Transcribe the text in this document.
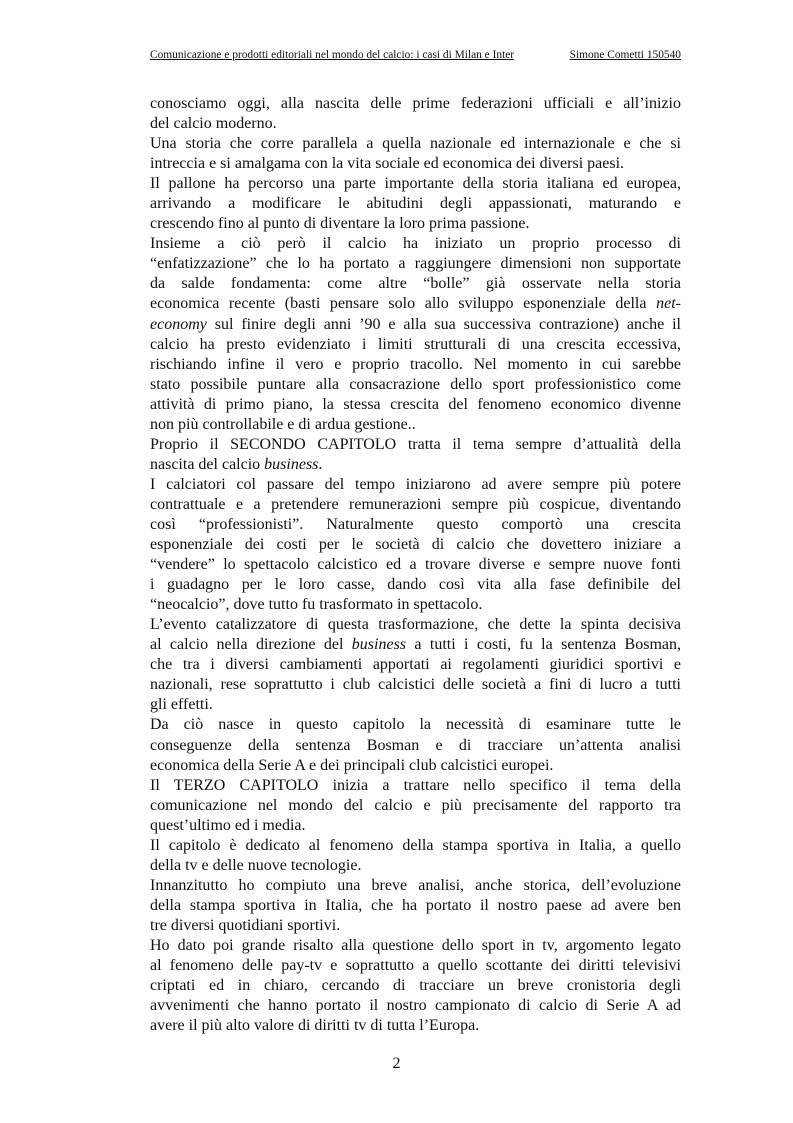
Comunicazione e prodotti editoriali nel mondo del calcio: i casi di Milan e Inter	Simone Cometti 150540

conosciamo oggi, alla nascita delle prime federazioni ufficiali e all’inizio

del calcio moderno.

Una storia che corre parallela a quella nazionale ed internazionale e che si

intreccia e si amalgama con la vita sociale ed economica dei diversi paesi.

Il pallone ha percorso una parte importante della storia italiana ed europea,

arrivando a modificare le abitudini degli appassionati, maturando e

crescendo fino al punto di diventare la loro prima passione.

Insieme a ciò però il calcio ha iniziato un proprio processo di

“enfatizzazione” che lo ha portato a raggiungere dimensioni non supportate

da salde fondamenta: come altre “bolle” già osservate nella storia

economica recente (basti pensare solo allo sviluppo esponenziale della net-

economy sul finire degli anni ’90 e alla sua successiva contrazione) anche il

calcio ha presto evidenziato i limiti strutturali di una crescita eccessiva,

rischiando infine il vero e proprio tracollo. Nel momento in cui sarebbe

stato possibile puntare alla consacrazione dello sport professionistico come

attività di primo piano, la stessa crescita del fenomeno economico divenne

non più controllabile e di ardua gestione..

Proprio il SECONDO CAPITOLO tratta il tema sempre d’attualità della

nascita del calcio business.

I calciatori col passare del tempo iniziarono ad avere sempre più potere

contrattuale e a pretendere remunerazioni sempre più cospicue, diventando

così “professionisti”. Naturalmente questo comportò una crescita

esponenziale dei costi per le società di calcio che dovettero iniziare a

“vendere” lo spettacolo calcistico ed a trovare diverse e sempre nuove fonti

i guadagno per le loro casse, dando così vita alla fase definibile del

“neocalcio”, dove tutto fu trasformato in spettacolo.

L’evento catalizzatore di questa trasformazione, che dette la spinta decisiva

al calcio nella direzione del business a tutti i costi, fu la sentenza Bosman,

che tra i diversi cambiamenti apportati ai regolamenti giuridici sportivi e

nazionali, rese soprattutto i club calcistici delle società a fini di lucro a tutti

gli effetti.

Da ciò nasce in questo capitolo la necessità di esaminare tutte le

conseguenze della sentenza Bosman e di tracciare un’attenta analisi

economica della Serie A e dei principali club calcistici europei.

Il TERZO CAPITOLO inizia a trattare nello specifico il tema della

comunicazione nel mondo del calcio e più precisamente del rapporto tra

quest’ultimo ed i media.

Il capitolo è dedicato al fenomeno della stampa sportiva in Italia, a quello

della tv e delle nuove tecnologie.

Innanzitutto ho compiuto una breve analisi, anche storica, dell’evoluzione

della stampa sportiva in Italia, che ha portato il nostro paese ad avere ben

tre diversi quotidiani sportivi.

Ho dato poi grande risalto alla questione dello sport in tv, argomento legato

al fenomeno delle pay-tv e soprattutto a quello scottante dei diritti televisivi

criptati ed in chiaro, cercando di tracciare un breve cronistoria degli

avvenimenti che hanno portato il nostro campionato di calcio di Serie A ad

avere il più alto valore di diritti tv di tutta l’Europa.

2
